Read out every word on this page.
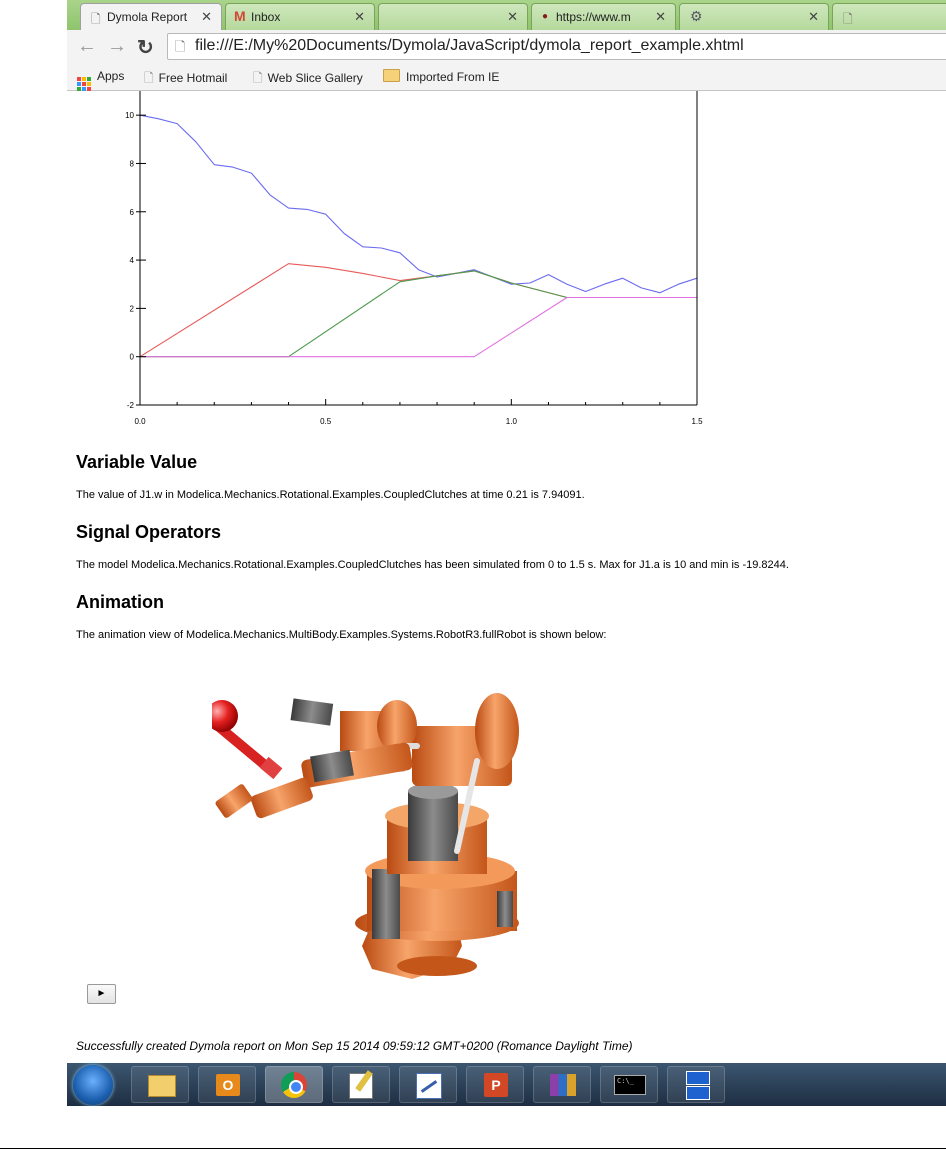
🗋 Dymola Report ✕ M Inbox	✕	✕ ● https://www.m	✕ ⚙	✕ 🗋
← → ↻ 🗋 file:///E:/My%20Documents/Dymola/JavaScript/dymola_report_example.xhtml
Apps 🗋 Free Hotmail 🗋 Web Slice Gallery	Imported From IE
-2
0
2
4
6
8
10
0.0	0.5	1.0	1.5
Variable Value

The value of J1.w in Modelica.Mechanics.Rotational.Examples.CoupledClutches at time 0.21 is 7.94091.

Signal Operators

The model Modelica.Mechanics.Rotational.Examples.CoupledClutches has been simulated from 0 to 1.5 s. Max for J1.a is 10 and min is -19.8244.

Animation

The animation view of Modelica.Mechanics.MultiBody.Examples.Systems.RobotR3.fullRobot is shown below:

►
Successfully created Dymola report on Mon Sep 15 2014 09:59:12 GMT+0200 (Romance Daylight Time)
O	P	C:\_
